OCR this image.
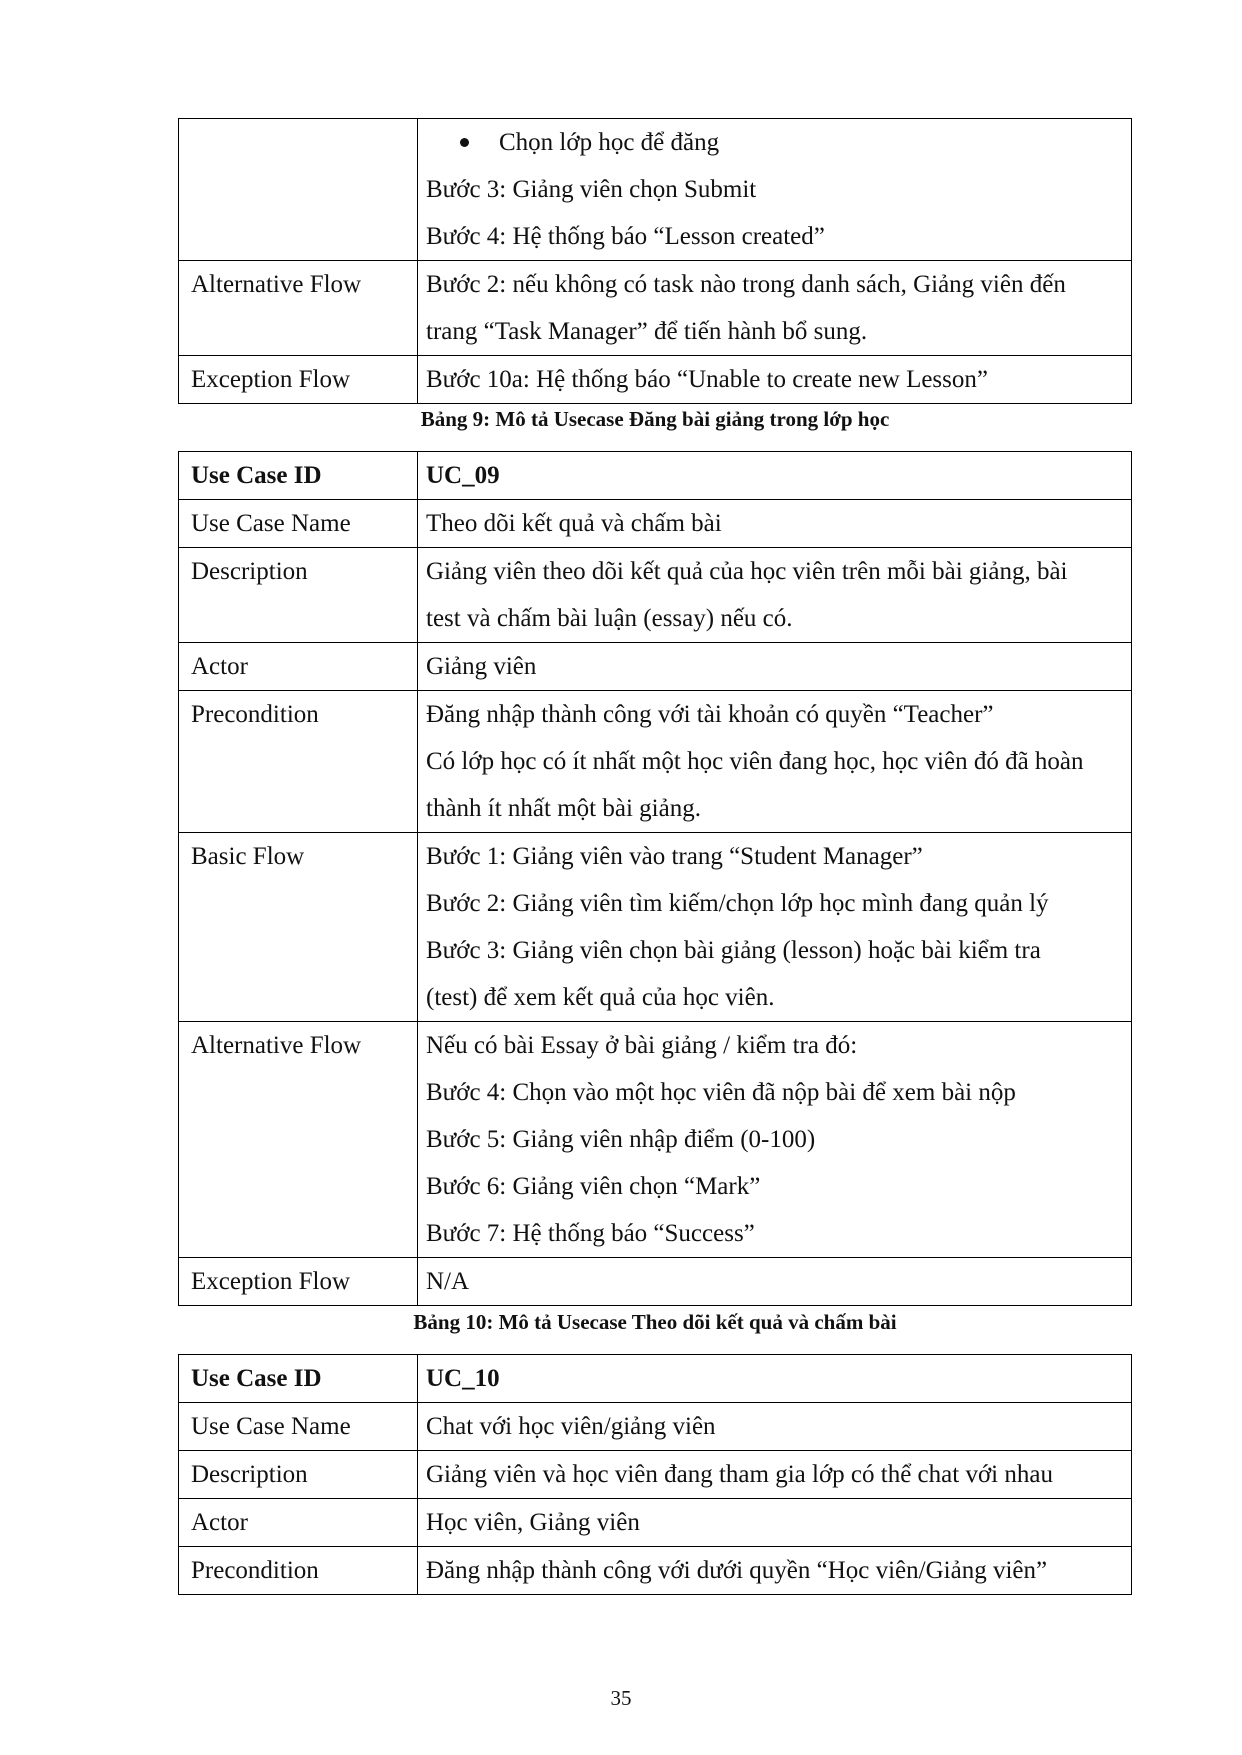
	Chọn lớp học để đăng
Bước 3: Giảng viên chọn Submit
Bước 4: Hệ thống báo “Lesson created”

Alternative Flow	Bước 2: nếu không có task nào trong danh sách, Giảng viên đến
trang “Task Manager” để tiến hành bổ sung.

Exception Flow	Bước 10a: Hệ thống báo “Unable to create new Lesson”
Bảng 9: Mô tả Usecase Đăng bài giảng trong lớp học
Use Case ID	UC_09

Use Case Name	Theo dõi kết quả và chấm bài

Description	Giảng viên theo dõi kết quả của học viên trên mỗi bài giảng, bài
test và chấm bài luận (essay) nếu có.

Actor	Giảng viên

Precondition	Đăng nhập thành công với tài khoản có quyền “Teacher”
Có lớp học có ít nhất một học viên đang học, học viên đó đã hoàn
thành ít nhất một bài giảng.

Basic Flow	Bước 1: Giảng viên vào trang “Student Manager”
Bước 2: Giảng viên tìm kiếm/chọn lớp học mình đang quản lý
Bước 3: Giảng viên chọn bài giảng (lesson) hoặc bài kiểm tra
(test) để xem kết quả của học viên.

Alternative Flow	Nếu có bài Essay ở bài giảng / kiểm tra đó:
Bước 4: Chọn vào một học viên đã nộp bài để xem bài nộp
Bước 5: Giảng viên nhập điểm (0-100)
Bước 6: Giảng viên chọn “Mark”
Bước 7: Hệ thống báo “Success”

Exception Flow	N/A
Bảng 10: Mô tả Usecase Theo dõi kết quả và chấm bài
Use Case ID	UC_10

Use Case Name	Chat với học viên/giảng viên

Description	Giảng viên và học viên đang tham gia lớp có thể chat với nhau

Actor	Học viên, Giảng viên

Precondition	Đăng nhập thành công với dưới quyền “Học viên/Giảng viên”
35
